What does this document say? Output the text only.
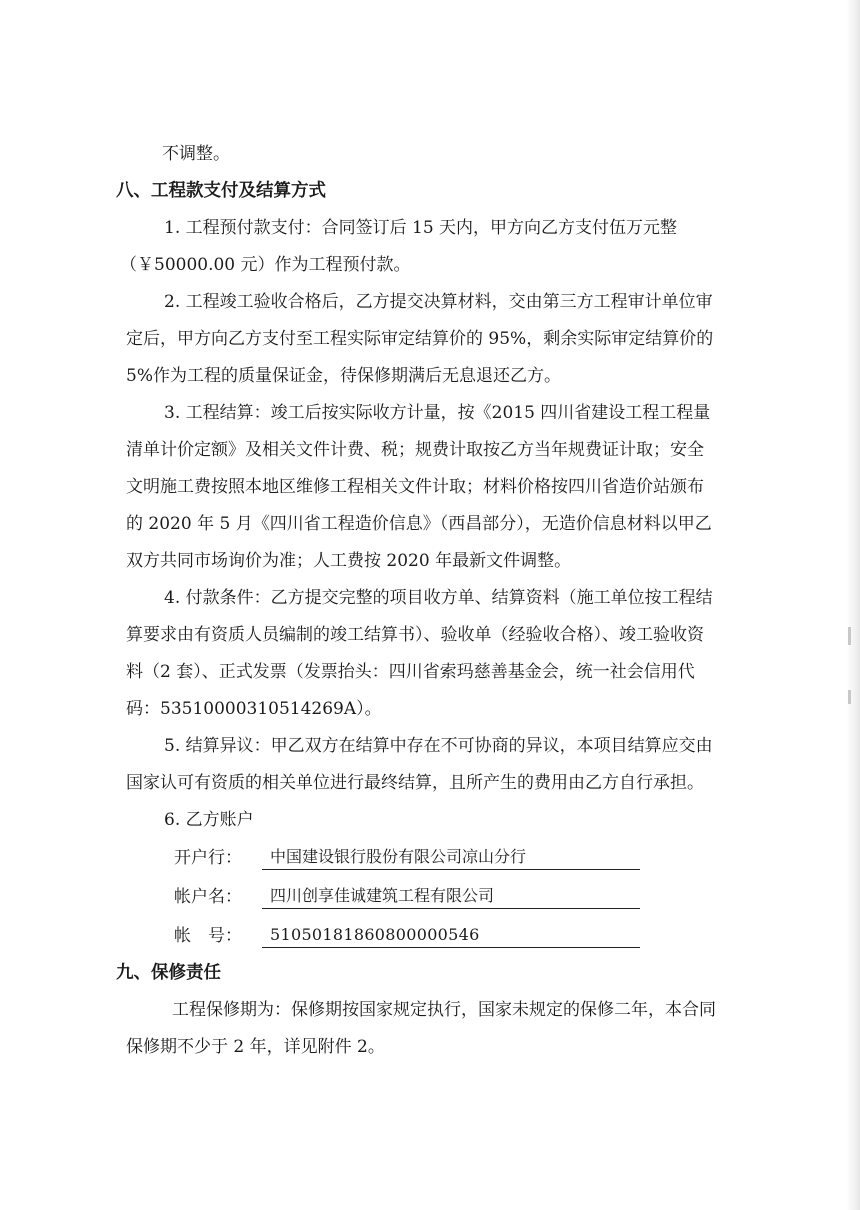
不调整。

八、工程款支付及结算方式

1. 工程预付款支付：合同签订后 15 天内，甲方向乙方支付伍万元整

（￥50000.00 元）作为工程预付款。

2. 工程竣工验收合格后，乙方提交决算材料，交由第三方工程审计单位审

定后，甲方向乙方支付至工程实际审定结算价的 95%，剩余实际审定结算价的

5%作为工程的质量保证金，待保修期满后无息退还乙方。

3. 工程结算：竣工后按实际收方计量，按《2015 四川省建设工程工程量

清单计价定额》及相关文件计费、税；规费计取按乙方当年规费证计取；安全

文明施工费按照本地区维修工程相关文件计取；材料价格按四川省造价站颁布

的 2020 年 5 月《四川省工程造价信息》（西昌部分），无造价信息材料以甲乙

双方共同市场询价为准；人工费按 2020 年最新文件调整。

4. 付款条件：乙方提交完整的项目收方单、结算资料（施工单位按工程结

算要求由有资质人员编制的竣工结算书）、验收单（经验收合格）、竣工验收资

料（2 套）、正式发票（发票抬头：四川省索玛慈善基金会，统一社会信用代

码：53510000310514269A）。

5. 结算异议：甲乙双方在结算中存在不可协商的异议，本项目结算应交由

国家认可有资质的相关单位进行最终结算，且所产生的费用由乙方自行承担。

6. 乙方账户

开户行：	中国建设银行股份有限公司凉山分行
帐户名：	四川创享佳诚建筑工程有限公司
帐　号：	51050181860800000546

九、保修责任

工程保修期为：保修期按国家规定执行，国家未规定的保修二年，本合同

保修期不少于 2 年，详见附件 2。
